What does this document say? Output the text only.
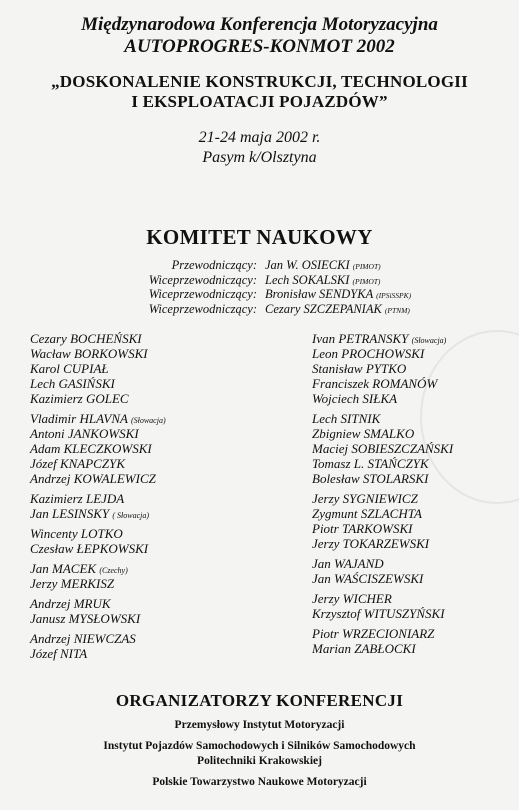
Międzynarodowa Konferencja Motoryzacyjna
AUTOPROGRES-KONMOT 2002
„DOSKONALENIE KONSTRUKCJI, TECHNOLOGII
I EKSPLOATACJI POJAZDÓW”
21-24 maja 2002 r.
Pasym k/Olsztyna
KOMITET NAUKOWY
Przewodniczący: Jan W. OSIECKI (PIMOT)
Wiceprzewodniczący: Lech SOKALSKI (PIMOT)
Wiceprzewodniczący: Bronisław SENDYKA (IPSiSSPK)
Wiceprzewodniczący: Cezary SZCZEPANIAK (PTNM)
Cezary BOCHEŃSKI
Wacław BORKOWSKI
Karol CUPIAŁ
Lech GASIŃSKI
Kazimierz GOLEC
Vladimir HLAVNA (Słowacja)
Antoni JANKOWSKI
Adam KLECZKOWSKI
Józef KNAPCZYK
Andrzej KOWALEWICZ
Kazimierz LEJDA
Jan LESINSKY ( Słowacja)
Wincenty LOTKO
Czesław ŁEPKOWSKI
Jan MACEK (Czechy)
Jerzy MERKISZ
Andrzej MRUK
Janusz MYSŁOWSKI
Andrzej NIEWCZAS
Józef NITA
Ivan PETRANSKY (Słowacja)
Leon PROCHOWSKI
Stanisław PYTKO
Franciszek ROMANÓW
Wojciech SIŁKA
Lech SITNIK
Zbigniew SMALKO
Maciej SOBIESZCZAŃSKI
Tomasz L. STAŃCZYK
Bolesław STOLARSKI
Jerzy SYGNIEWICZ
Zygmunt SZLACHTA
Piotr TARKOWSKI
Jerzy TOKARZEWSKI
Jan WAJAND
Jan WAŚCISZEWSKI
Jerzy WICHER
Krzysztof WITUSZYŃSKI
Piotr WRZECIONIARZ
Marian ZABŁOCKI
ORGANIZATORZY KONFERENCJI
Przemysłowy Instytut Motoryzacji
Instytut Pojazdów Samochodowych i Silników Samochodowych
Politechniki Krakowskiej
Polskie Towarzystwo Naukowe Motoryzacji
